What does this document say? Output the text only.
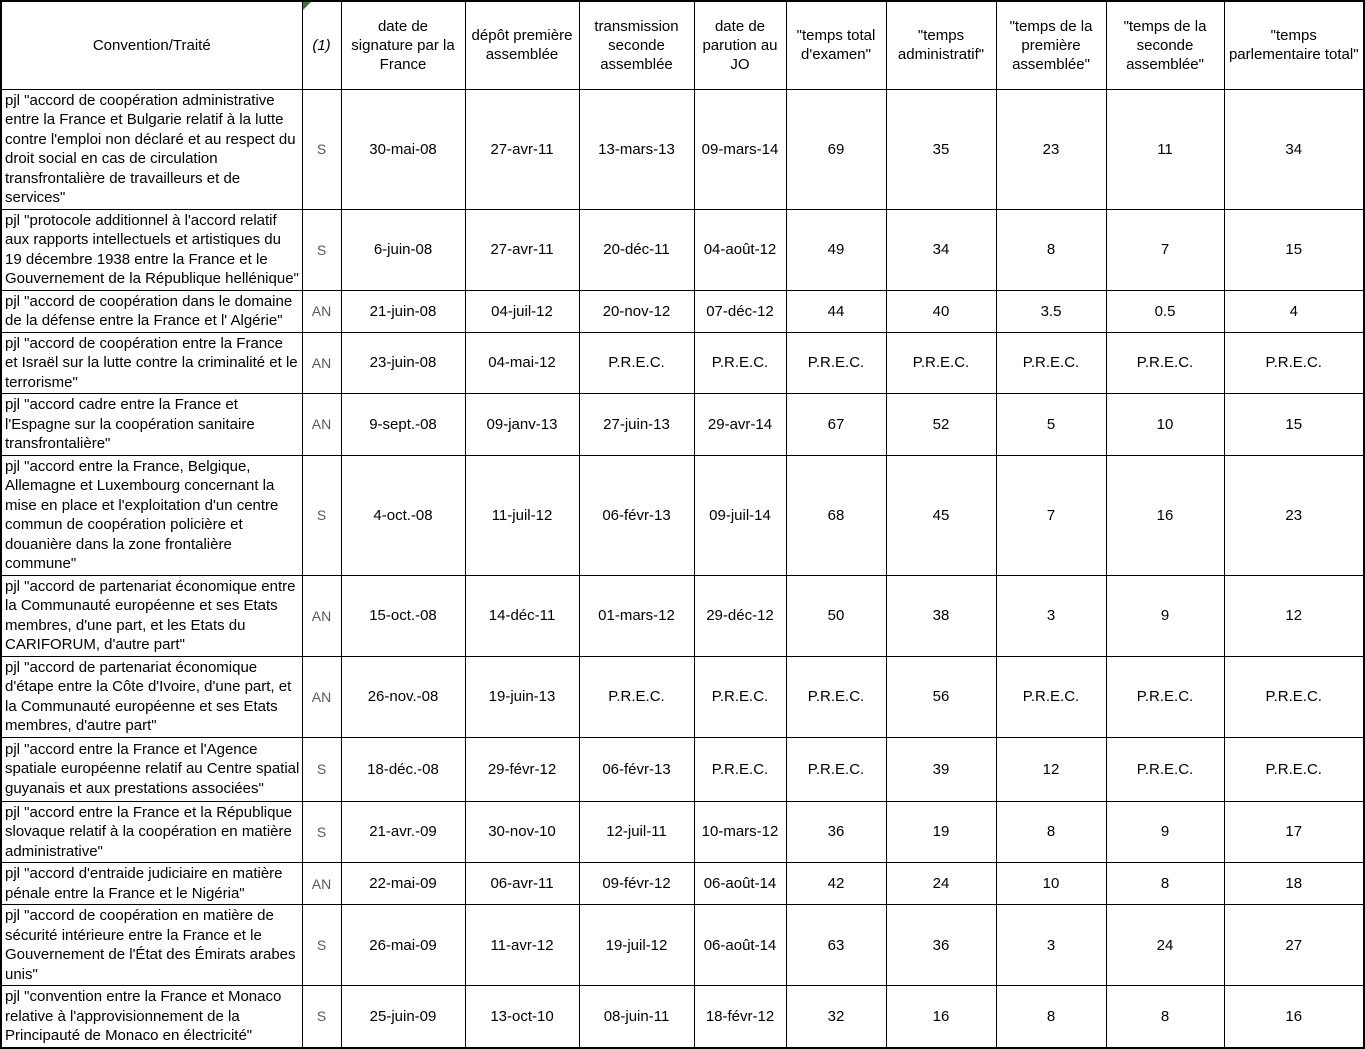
Convention/Traité	(1)	date de signature par la France	dépôt première assemblée	transmission seconde assemblée	date de parution au JO	"temps total d'examen"	"temps administratif"	"temps de la première assemblée"	"temps de la seconde assemblée"	"temps parlementaire total"
pjl "accord de coopération administrative entre la France et Bulgarie relatif à la lutte contre l'emploi non déclaré et au respect du droit social en cas de circulation transfrontalière de travailleurs et de services"	S	30-mai-08	27-avr-11	13-mars-13	09-mars-14	69	35	23	11	34
pjl "protocole additionnel à l'accord relatif aux rapports intellectuels et artistiques du 19 décembre 1938 entre la France et le Gouvernement de la République hellénique"	S	6-juin-08	27-avr-11	20-déc-11	04-août-12	49	34	8	7	15
pjl "accord de coopération dans le domaine de la défense entre la France et l' Algérie"	AN	21-juin-08	04-juil-12	20-nov-12	07-déc-12	44	40	3.5	0.5	4
pjl "accord de coopération entre la France et Israël sur la lutte contre la criminalité et le terrorisme"	AN	23-juin-08	04-mai-12	P.R.E.C.	P.R.E.C.	P.R.E.C.	P.R.E.C.	P.R.E.C.	P.R.E.C.	P.R.E.C.
pjl "accord cadre entre la France et l'Espagne sur la coopération sanitaire transfrontalière"	AN	9-sept.-08	09-janv-13	27-juin-13	29-avr-14	67	52	5	10	15
pjl "accord entre la France, Belgique, Allemagne et Luxembourg concernant la mise en place et l'exploitation d'un centre commun de coopération policière et douanière dans la zone frontalière commune"	S	4-oct.-08	11-juil-12	06-févr-13	09-juil-14	68	45	7	16	23
pjl "accord de partenariat économique entre la Communauté européenne et ses Etats membres, d'une part, et les Etats du CARIFORUM, d'autre part"	AN	15-oct.-08	14-déc-11	01-mars-12	29-déc-12	50	38	3	9	12
pjl "accord de partenariat économique d'étape entre la Côte d'Ivoire, d'une part, et la Communauté européenne et ses Etats membres, d'autre part"	AN	26-nov.-08	19-juin-13	P.R.E.C.	P.R.E.C.	P.R.E.C.	56	P.R.E.C.	P.R.E.C.	P.R.E.C.
pjl "accord entre la France et l'Agence spatiale européenne relatif au Centre spatial guyanais et aux prestations associées"	S	18-déc.-08	29-févr-12	06-févr-13	P.R.E.C.	P.R.E.C.	39	12	P.R.E.C.	P.R.E.C.
pjl "accord entre la France et la République slovaque relatif à la coopération en matière administrative"	S	21-avr.-09	30-nov-10	12-juil-11	10-mars-12	36	19	8	9	17
pjl "accord d'entraide judiciaire en matière pénale entre la France et le Nigéria"	AN	22-mai-09	06-avr-11	09-févr-12	06-août-14	42	24	10	8	18
pjl "accord de coopération en matière de sécurité intérieure entre la France et le Gouvernement de l'État des Émirats arabes unis"	S	26-mai-09	11-avr-12	19-juil-12	06-août-14	63	36	3	24	27
pjl "convention entre la France et Monaco relative à l'approvisionnement de la Principauté de Monaco en électricité"	S	25-juin-09	13-oct-10	08-juin-11	18-févr-12	32	16	8	8	16
